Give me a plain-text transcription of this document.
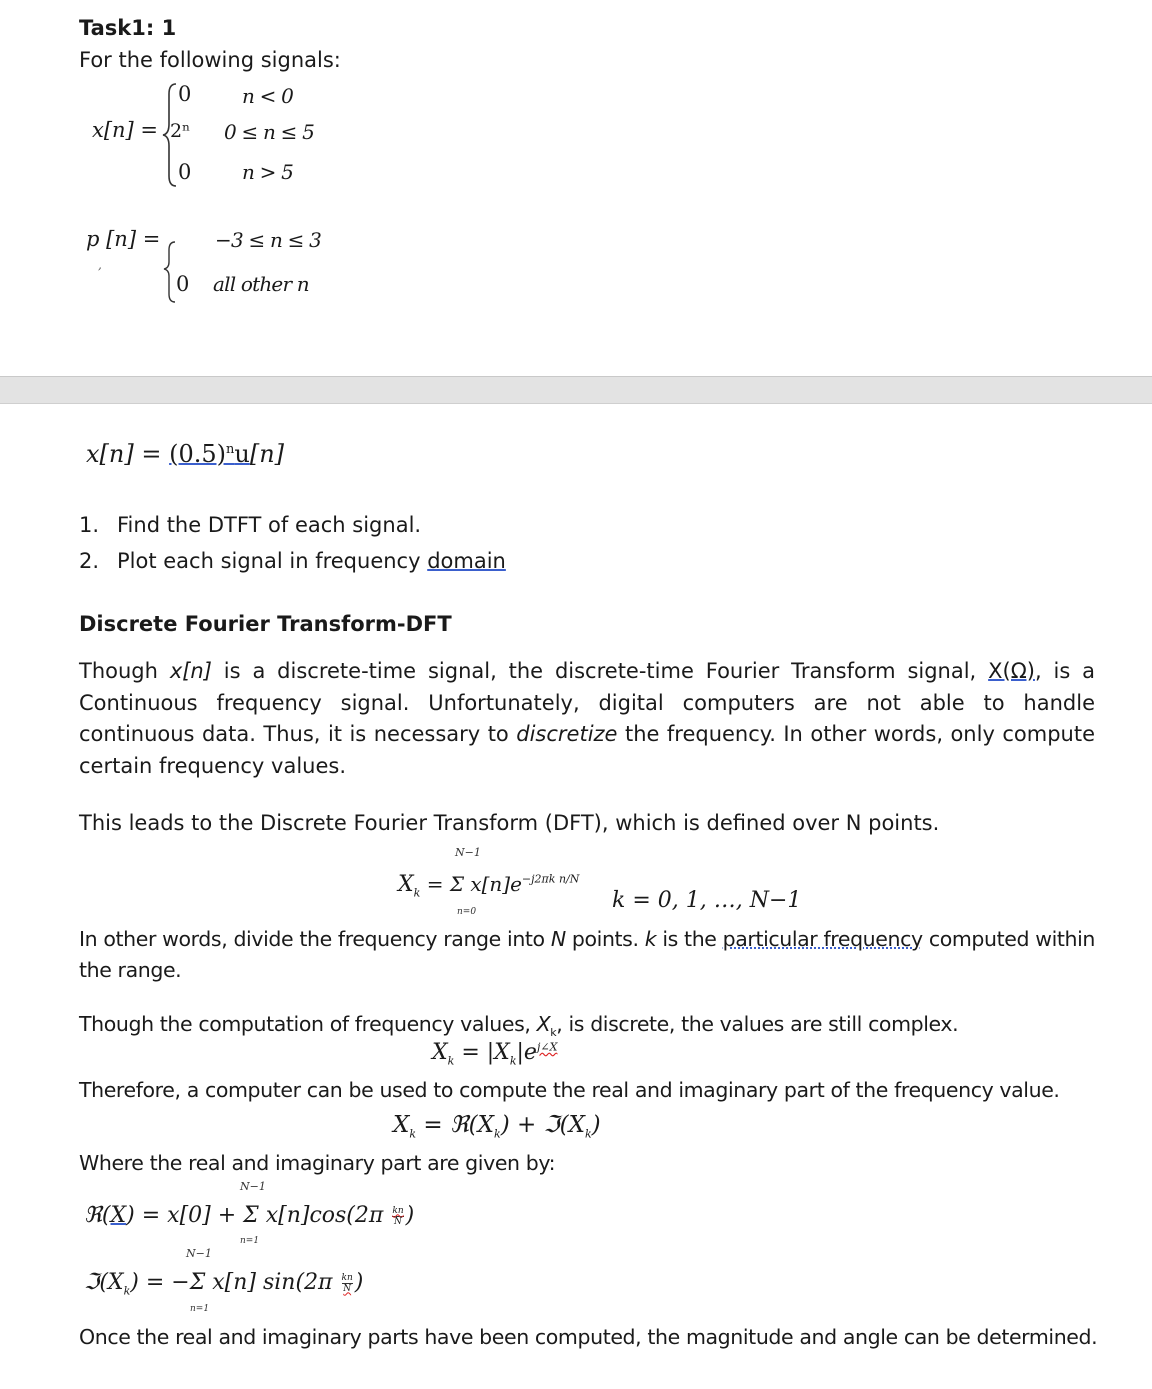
Task1: 1
For the following signals:
x[n] =
0	n < 0
2ⁿ 0 ≤ n ≤ 5
0	n > 5
p [n] =
,
−3 ≤ n ≤ 3
0 all other n
$x[n] = (0.5)^nu[n]$
1. Find the DTFT of each signal.
2. Plot each signal in frequency domain
Discrete Fourier Transform-DFT
Though x[n] is a discrete-time signal, the discrete-time Fourier Transform signal, X(Ω), is a Continuous frequency signal. Unfortunately, digital computers are not able to handle continuous data. Thus, it is necessary to discretize the frequency. In other words, only compute certain frequency values.
This leads to the Discrete Fourier Transform (DFT), which is defined over N points.
N−1
$X_k = \Sigma$ $x[n]e^{-j2\pi k n/N}$
n=0	k = 0, 1, …, N−1
In other words, divide the frequency range into N points. k is the particular frequency computed within the range.
Though the computation of frequency values, $X_k$, is discrete, the values are still complex.
$X_k = |X_k|e^{j\angle X}$
Therefore, a computer can be used to compute the real and imaginary part of the frequency value.
$X_k$ = $ℜ(X_k)$ + $ℑ(X_k)$
Where the real and imaginary part are given by:
N−1
ℜ(X) = x[0] + Σ $x[n]\cos(2\pi \frac{kn}{N}$ )
n=1
N−1
$ℑ(X_k) = -\Sigma$ x[n] $\sin(2\pi \frac{kn}{N}$ )
n=1
Once the real and imaginary parts have been computed, the magnitude and angle can be determined.
